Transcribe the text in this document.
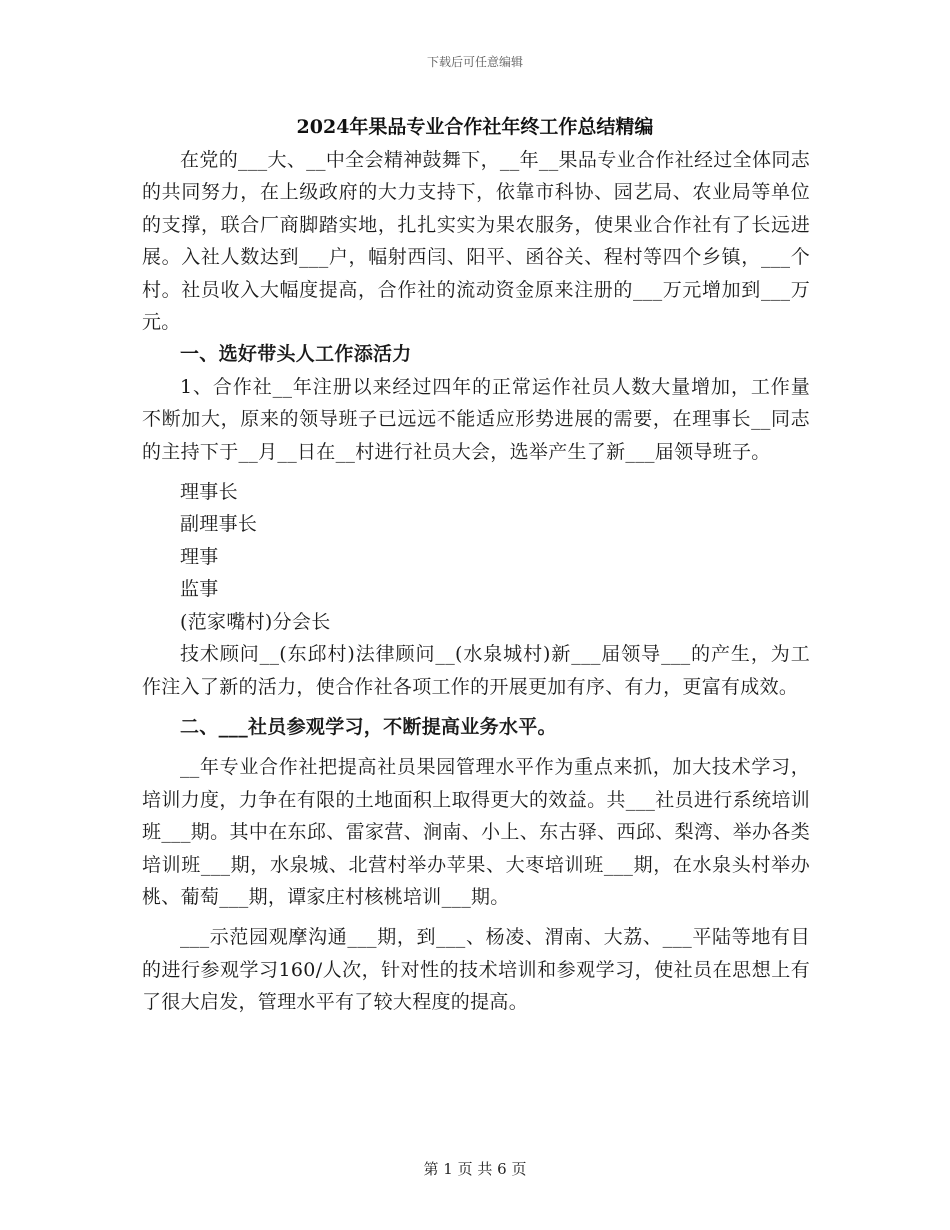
下载后可任意编辑
2024年果品专业合作社年终工作总结精编

在党的___大、__中全会精神鼓舞下，__年__果品专业合作社经过全体同志的共同努力，在上级政府的大力支持下，依靠市科协、园艺局、农业局等单位的支撑，联合厂商脚踏实地，扎扎实实为果农服务，使果业合作社有了长远进展。入社人数达到___户，幅射西闫、阳平、函谷关、程村等四个乡镇，___个村。社员收入大幅度提高，合作社的流动资金原来注册的___万元增加到___万元。

一、选好带头人工作添活力

1、合作社__年注册以来经过四年的正常运作社员人数大量增加，工作量不断加大，原来的领导班子已远远不能适应形势进展的需要，在理事长__同志的主持下于__月__日在__村进行社员大会，选举产生了新___届领导班子。

理事长

副理事长

理事

监事

(范家嘴村)分会长

技术顾问__(东邱村)法律顾问__(水泉城村)新___届领导___的产生，为工作注入了新的活力，使合作社各项工作的开展更加有序、有力，更富有成效。

二、___社员参观学习，不断提高业务水平。

__年专业合作社把提高社员果园管理水平作为重点来抓，加大技术学习，培训力度，力争在有限的土地面积上取得更大的效益。共___社员进行系统培训班___期。其中在东邱、雷家营、涧南、小上、东古驿、西邱、梨湾、举办各类培训班___期，水泉城、北营村举办苹果、大枣培训班___期，在水泉头村举办桃、葡萄___期，谭家庄村核桃培训___期。

___示范园观摩沟通___期，到___、杨凌、渭南、大荔、___平陆等地有目的进行参观学习160/人次，针对性的技术培训和参观学习，使社员在思想上有了很大启发，管理水平有了较大程度的提高。

第 1 页 共 6 页
